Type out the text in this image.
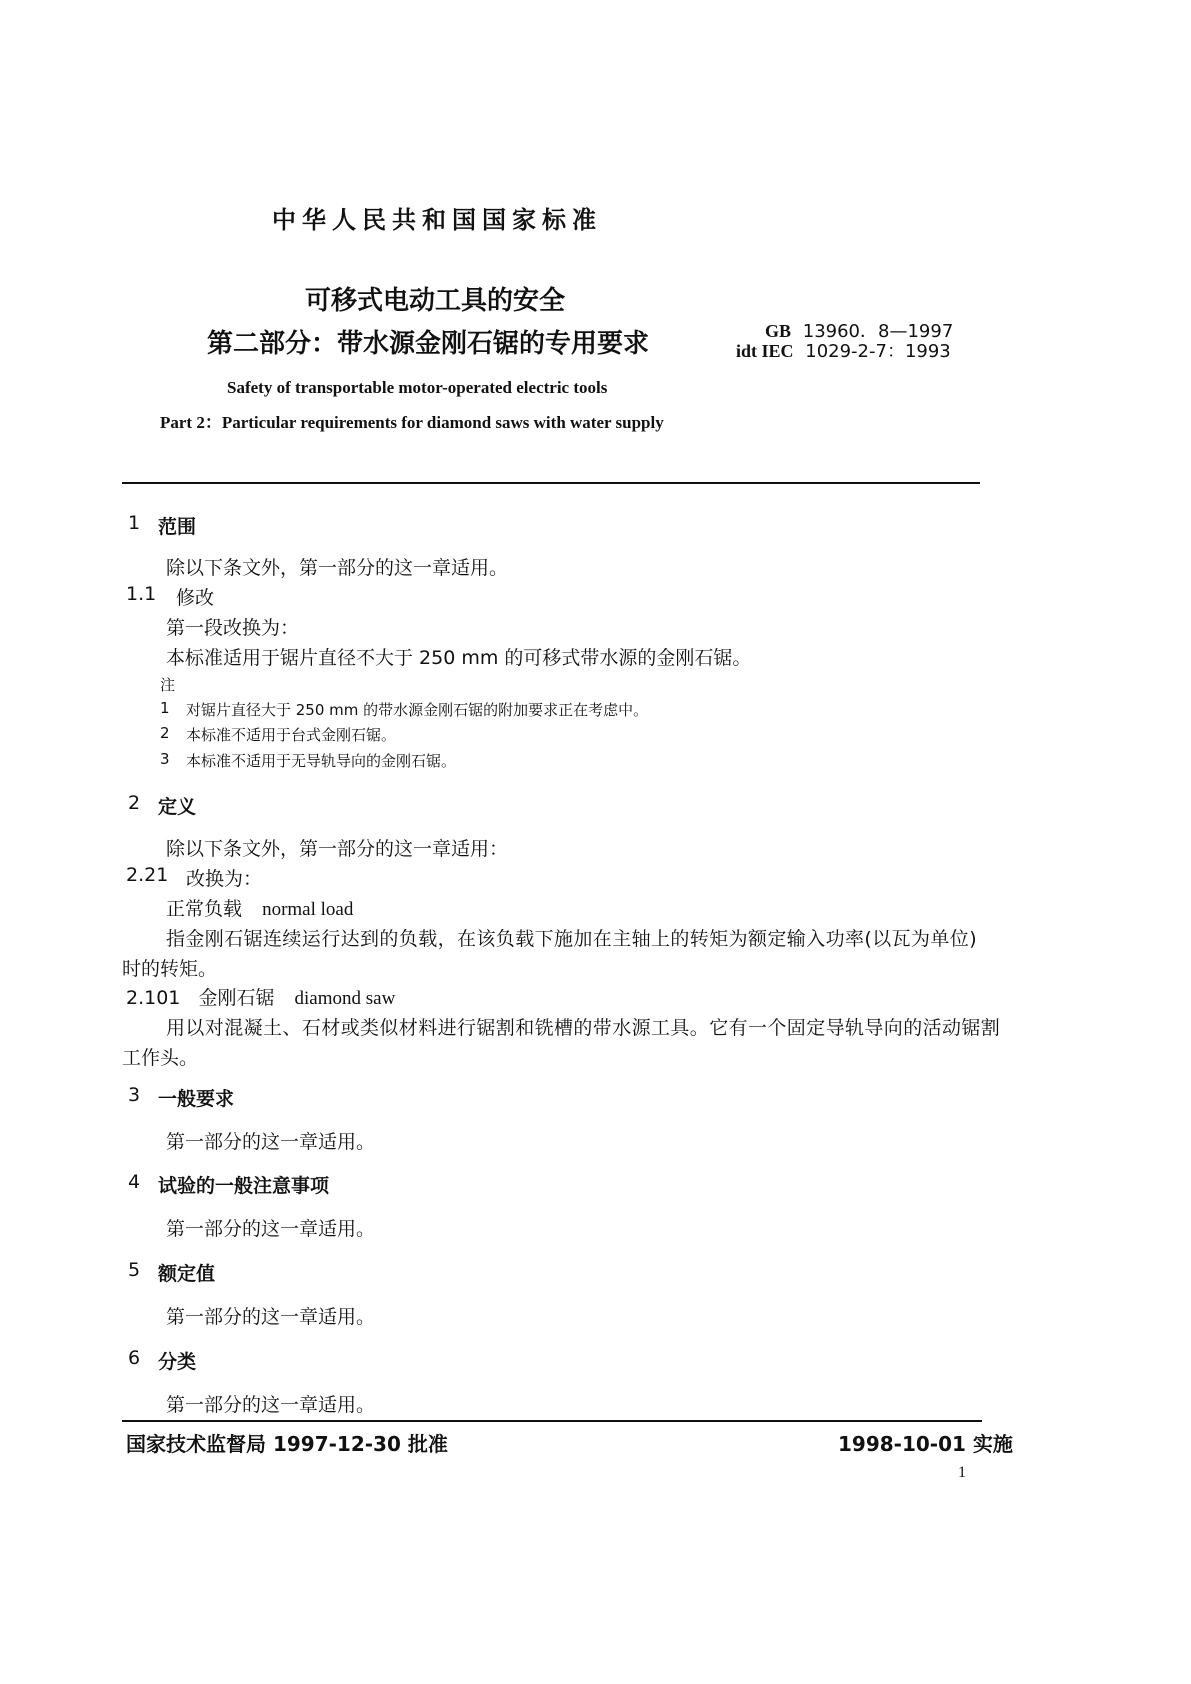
中华人民共和国国家标准
可移式电动工具的安全
第二部分：带水源金刚石锯的专用要求	GB 13960．8—1997
idt IEC 1029-2-7：1993
Safety of transportable motor-operated electric tools
Part 2：Particular requirements for diamond saws with water supply
1 范围
除以下条文外，第一部分的这一章适用。
1.1 修改
第一段改换为：
本标准适用于锯片直径不大于 250 mm 的可移式带水源的金刚石锯。
注
1 对锯片直径大于 250 mm 的带水源金刚石锯的附加要求正在考虑中。
2 本标准不适用于台式金刚石锯。
3 本标准不适用于无导轨导向的金刚石锯。
2 定义
除以下条文外，第一部分的这一章适用：
2.21 改换为：
正常负载 normal load
指金刚石锯连续运行达到的负载，在该负载下施加在主轴上的转矩为额定输入功率(以瓦为单位)
时的转矩。
2.101 金刚石锯 diamond saw
用以对混凝土、石材或类似材料进行锯割和铣槽的带水源工具。它有一个固定导轨导向的活动锯割
工作头。
3 一般要求
第一部分的这一章适用。
4 试验的一般注意事项
第一部分的这一章适用。
5 额定值
第一部分的这一章适用。
6 分类
第一部分的这一章适用。
国家技术监督局 1997-12-30 批准	1998-10-01 实施
1
